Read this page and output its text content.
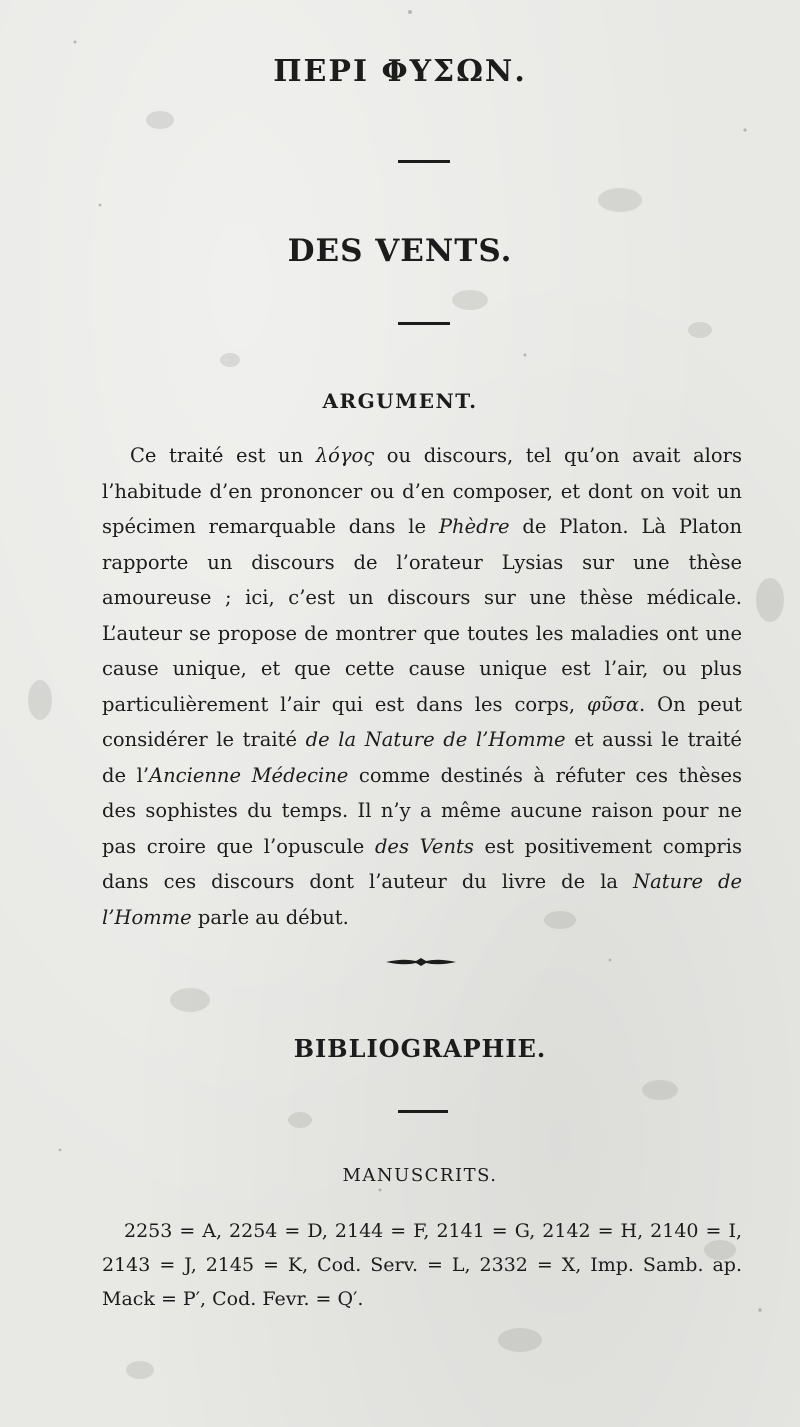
ΠΕΡΙ ΦΥΣΩΝ.
DES VENTS.
ARGUMENT.

Ce traité est un λόγος ou discours, tel qu’on avait alors l’habitude d’en prononcer ou d’en composer, et dont on voit un spécimen remarquable dans le Phèdre de Platon. Là Platon rapporte un discours de l’orateur Lysias sur une thèse amoureuse ; ici, c’est un discours sur une thèse médicale. L’auteur se propose de montrer que toutes les maladies ont une cause unique, et que cette cause unique est l’air, ou plus particulièrement l’air qui est dans les corps, φῦσα. On peut considérer le traité de la Nature de l’Homme et aussi le traité de l’Ancienne Médecine comme destinés à réfuter ces thèses des sophistes du temps. Il n’y a même aucune raison pour ne pas croire que l’opuscule des Vents est positivement compris dans ces discours dont l’auteur du livre de la Nature de l’Homme parle au début.

BIBLIOGRAPHIE.
MANUSCRITS.

2253 = A, 2254 = D, 2144 = F, 2141 = G, 2142 = H, 2140 = I, 2143 = J, 2145 = K, Cod. Serv. = L, 2332 = X, Imp. Samb. ap. Mack = P′, Cod. Fevr. = Q′.
